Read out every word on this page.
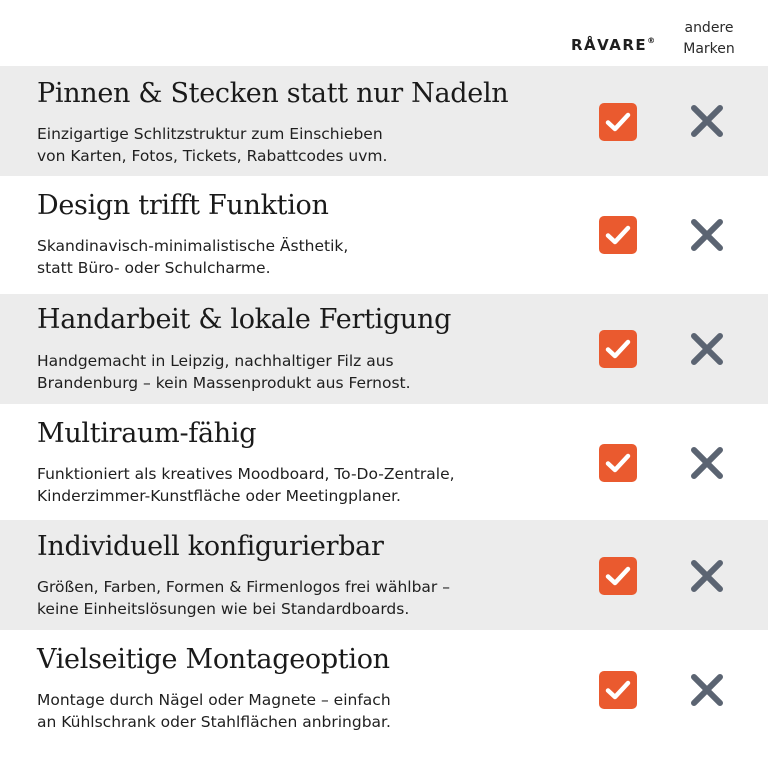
RÅVARE®
andere
Marken
Pinnen & Stecken statt nur Nadeln
Einzigartige Schlitzstruktur zum Einschieben
von Karten, Fotos, Tickets, Rabattcodes uvm.
Design trifft Funktion
Skandinavisch-minimalistische Ästhetik,
statt Büro- oder Schulcharme.
Handarbeit & lokale Fertigung
Handgemacht in Leipzig, nachhaltiger Filz aus
Brandenburg – kein Massenprodukt aus Fernost.
Multiraum-fähig
Funktioniert als kreatives Moodboard, To-Do-Zentrale,
Kinderzimmer-Kunstfläche oder Meetingplaner.
Individuell konfigurierbar
Größen, Farben, Formen & Firmenlogos frei wählbar –
keine Einheitslösungen wie bei Standardboards.
Vielseitige Montageoption
Montage durch Nägel oder Magnete – einfach
an Kühlschrank oder Stahlflächen anbringbar.
